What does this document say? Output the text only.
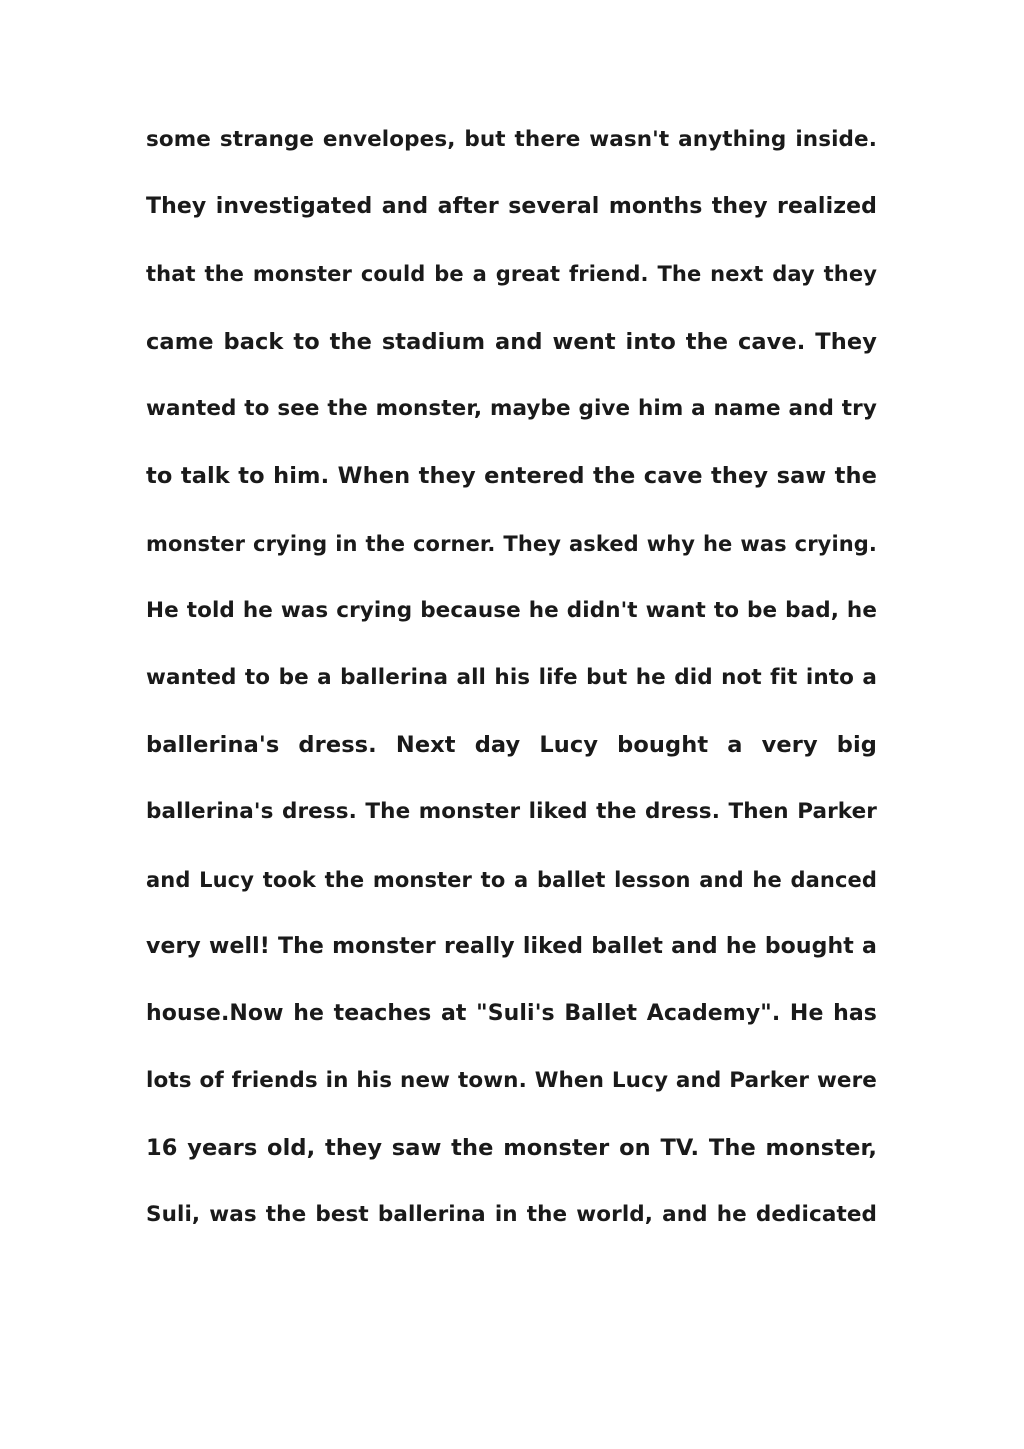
some strange envelopes, but there wasn't anything inside.
They investigated and after several months they realized
that the monster could be a great friend. The next day they
came back to the stadium and went into the cave. They
wanted to see the monster, maybe give him a name and try
to talk to him. When they entered the cave they saw the
monster crying in the corner. They asked why he was crying.
He told he was crying because he didn't want to be bad, he
wanted to be a ballerina all his life but he did not fit into a
ballerina's dress. Next day Lucy bought a very big
ballerina's dress. The monster liked the dress. Then Parker
and Lucy took the monster to a ballet lesson and he danced
very well! The monster really liked ballet and he bought a
house.Now he teaches at "Suli's Ballet Academy". He has
lots of friends in his new town. When Lucy and Parker were
16 years old, they saw the monster on TV. The monster,
Suli, was the best ballerina in the world, and he dedicated
